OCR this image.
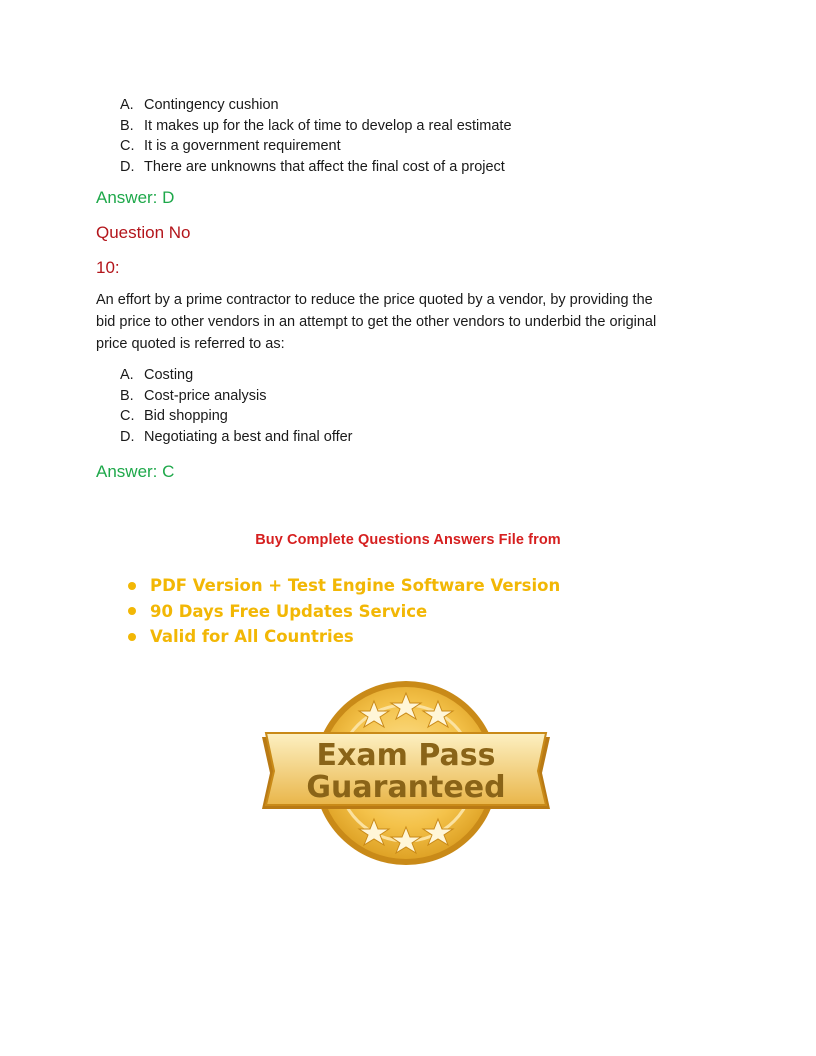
A. Contingency cushion
B. It makes up for the lack of time to develop a real estimate
C. It is a government requirement
D. There are unknowns that affect the final cost of a project
Answer: D
Question No
10:
An effort by a prime contractor to reduce the price quoted by a vendor, by providing the
bid price to other vendors in an attempt to get the other vendors to underbid the original
price quoted is referred to as:
A. Costing
B. Cost-price analysis
C. Bid shopping
D. Negotiating a best and final offer
Answer: C
Buy Complete Questions Answers File from
PDF Version + Test Engine Software Version
90 Days Free Updates Service
Valid for All Countries
Exam Pass
Guaranteed
